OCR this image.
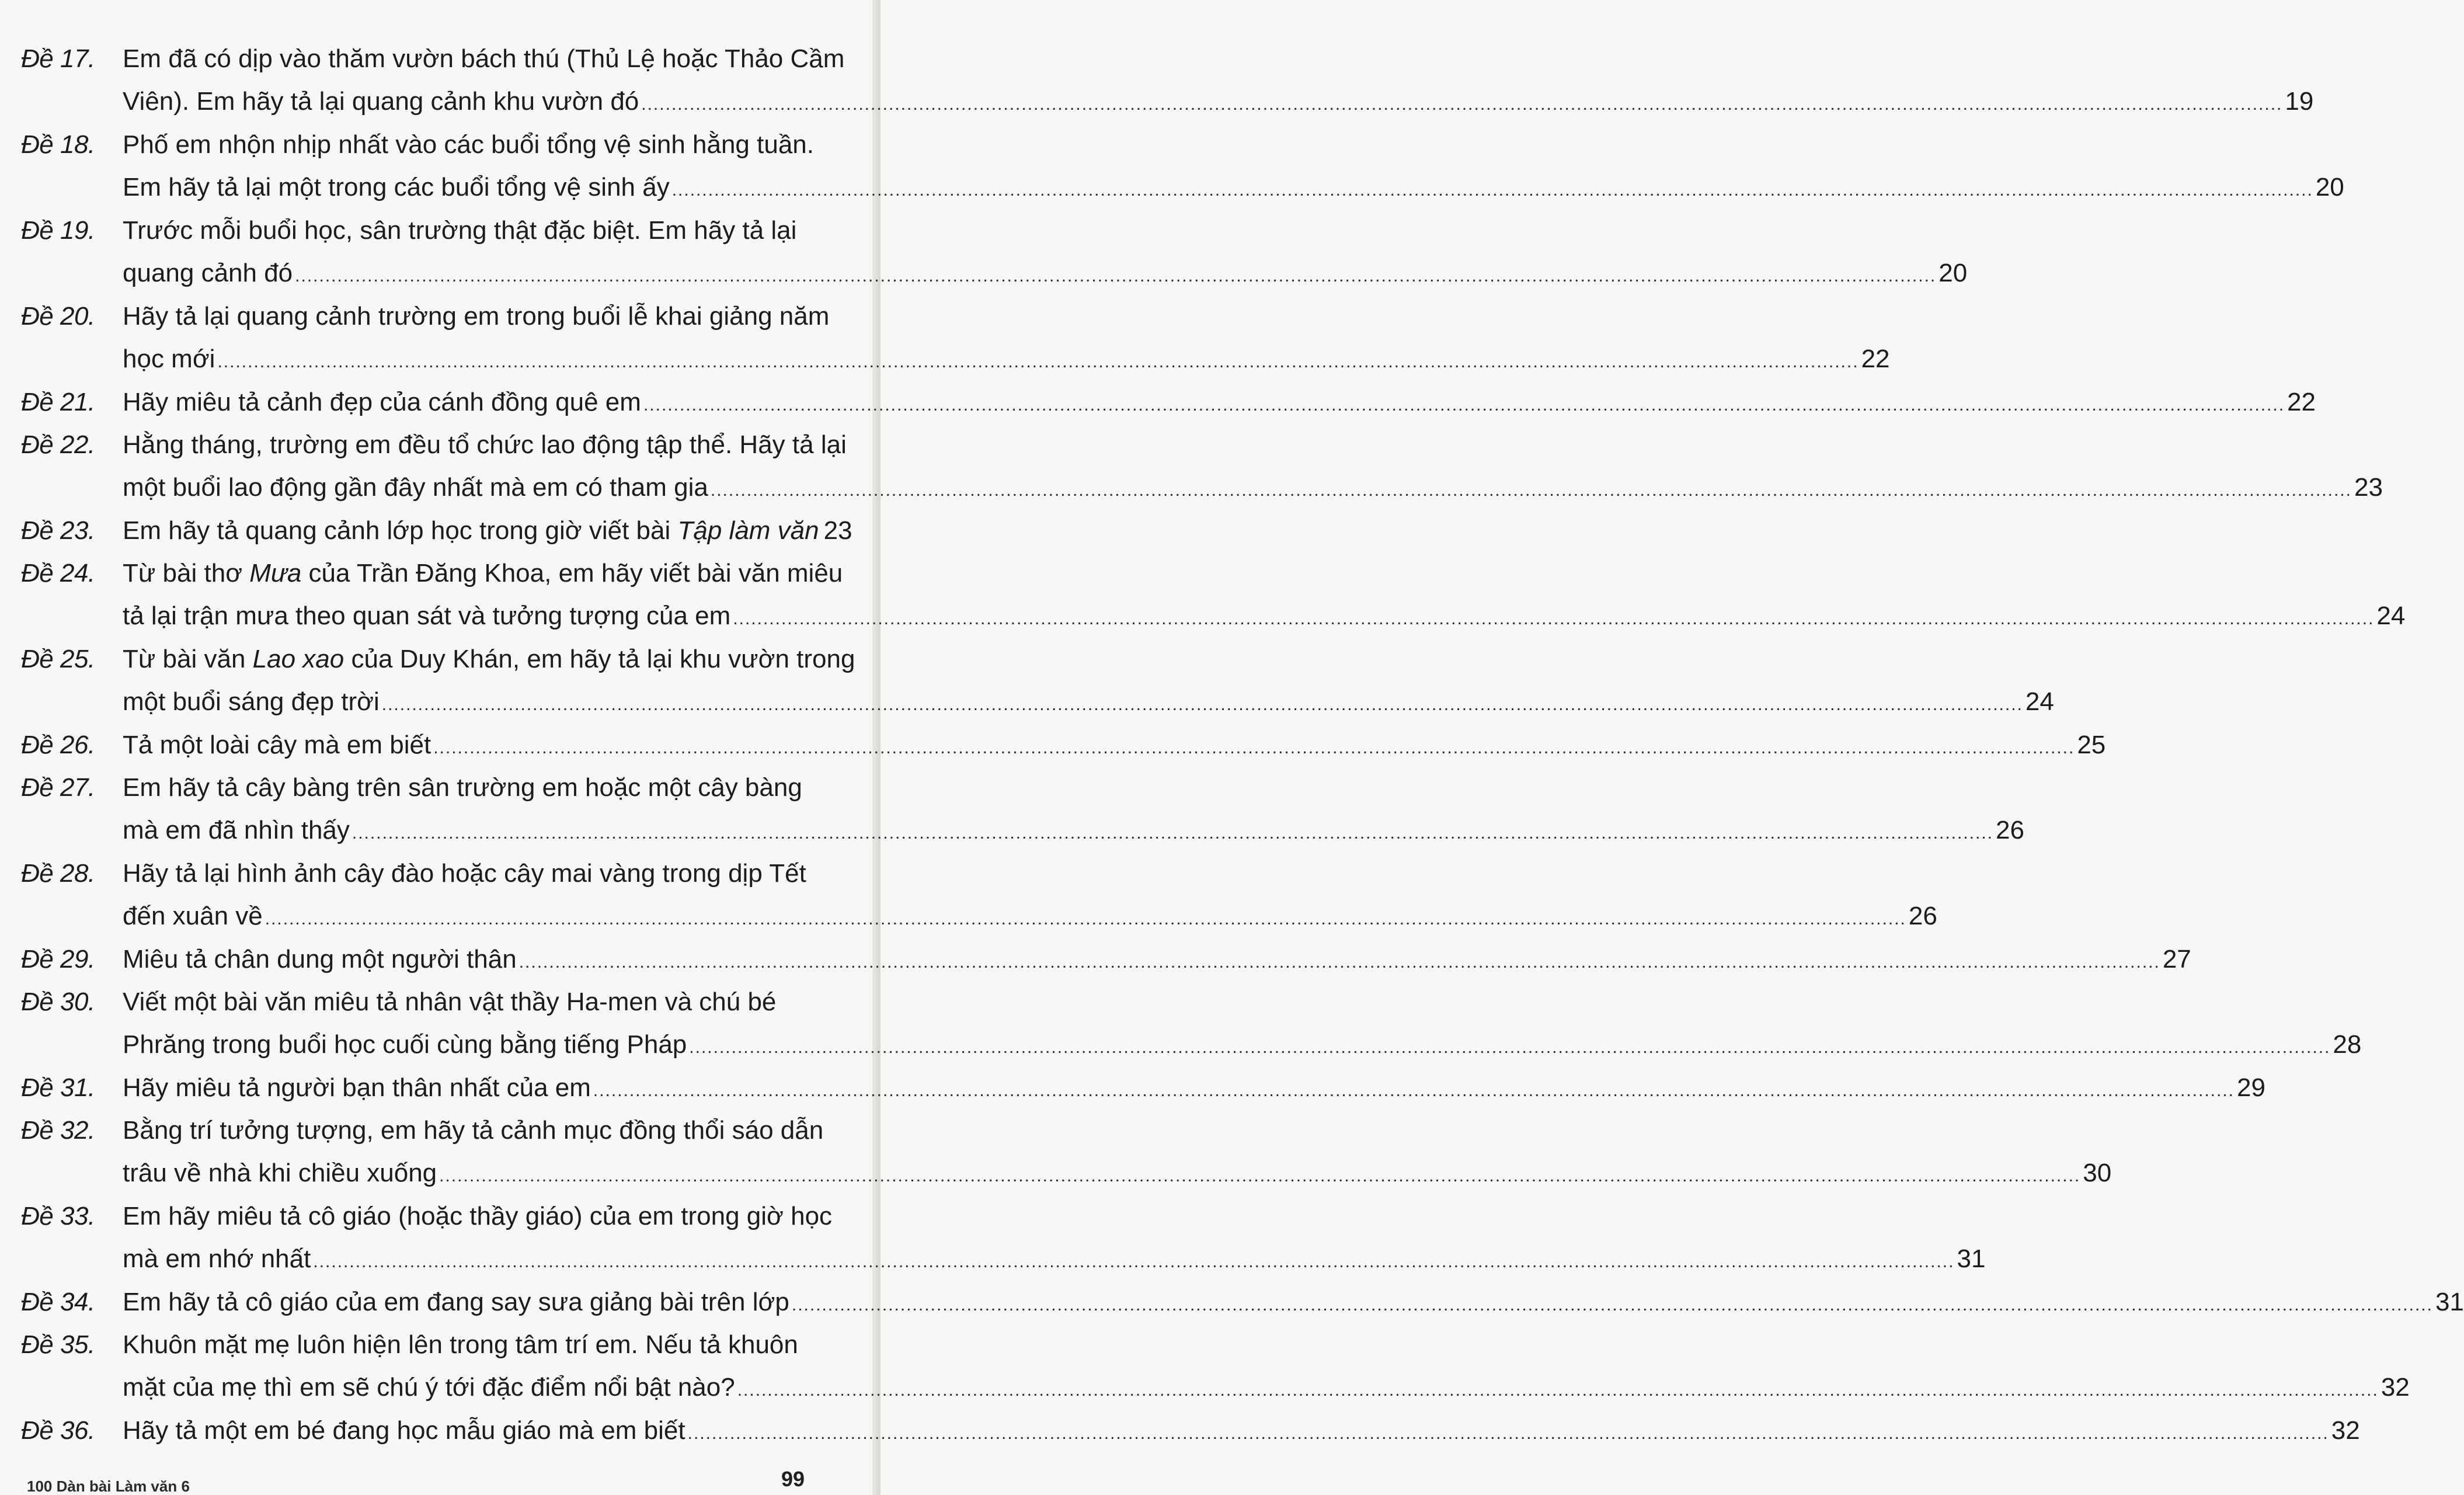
Đề 17. Em đã có dịp vào thăm vườn bách thú (Thủ Lệ hoặc Thảo Cầm
Viên). Em hãy tả lại quang cảnh khu vườn đó .....	19
Đề 18. Phố em nhộn nhịp nhất vào các buổi tổng vệ sinh hằng tuần.
Em hãy tả lại một trong các buổi tổng vệ sinh ấy .....	20
Đề 19. Trước mỗi buổi học, sân trường thật đặc biệt. Em hãy tả lại
quang cảnh đó .....	20
Đề 20. Hãy tả lại quang cảnh trường em trong buổi lễ khai giảng năm
học mới .....	22
Đề 21. Hãy miêu tả cảnh đẹp của cánh đồng quê em .....	22
Đề 22. Hằng tháng, trường em đều tổ chức lao động tập thể. Hãy tả lại
một buổi lao động gần đây nhất mà em có tham gia .....	23
Đề 23. Em hãy tả quang cảnh lớp học trong giờ viết bài Tập làm văn 23
Đề 24. Từ bài thơ Mưa của Trần Đăng Khoa, em hãy viết bài văn miêu
tả lại trận mưa theo quan sát và tưởng tượng của em .....	24
Đề 25. Từ bài văn Lao xao của Duy Khán, em hãy tả lại khu vườn trong
một buổi sáng đẹp trời .....	24
Đề 26. Tả một loài cây mà em biết .....	25
Đề 27. Em hãy tả cây bàng trên sân trường em hoặc một cây bàng
mà em đã nhìn thấy .....	26
Đề 28. Hãy tả lại hình ảnh cây đào hoặc cây mai vàng trong dịp Tết
đến xuân về .....	26
Đề 29. Miêu tả chân dung một người thân .....	27
Đề 30. Viết một bài văn miêu tả nhân vật thầy Ha-men và chú bé
Phrăng trong buổi học cuối cùng bằng tiếng Pháp .....	28
Đề 31. Hãy miêu tả người bạn thân nhất của em .....	29
Đề 32. Bằng trí tưởng tượng, em hãy tả cảnh mục đồng thổi sáo dẫn
trâu về nhà khi chiều xuống .....	30
Đề 33. Em hãy miêu tả cô giáo (hoặc thầy giáo) của em trong giờ học
mà em nhớ nhất .....	31
Đề 34. Em hãy tả cô giáo của em đang say sưa giảng bài trên lớp .....	31
Đề 35. Khuôn mặt mẹ luôn hiện lên trong tâm trí em. Nếu tả khuôn
mặt của mẹ thì em sẽ chú ý tới đặc điểm nổi bật nào? .....	32
Đề 36. Hãy tả một em bé đang học mẫu giáo mà em biết .....	32
100 Dàn bài Làm văn 6	99
